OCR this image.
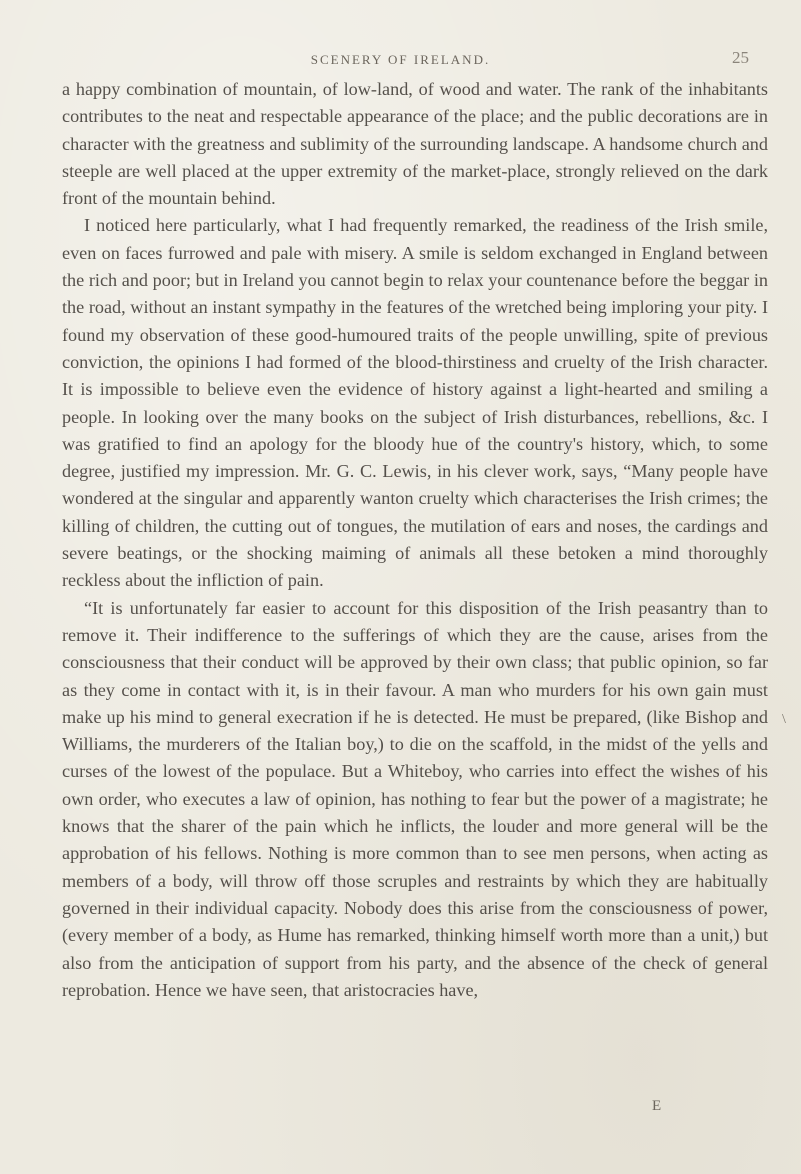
SCENERY OF IRELAND.	25

a happy combination of mountain, of low-land, of wood and water. The rank of the inhabitants contributes to the neat and respectable appearance of the place; and the public decorations are in character with the greatness and sublimity of the surrounding landscape. A handsome church and steeple are well placed at the upper extremity of the market-place, strongly relieved on the dark front of the mountain behind.

I noticed here particularly, what I had frequently remarked, the readiness of the Irish smile, even on faces furrowed and pale with misery. A smile is seldom exchanged in England between the rich and poor; but in Ireland you cannot begin to relax your countenance before the beggar in the road, without an instant sympathy in the features of the wretched being imploring your pity. I found my observation of these good-humoured traits of the people unwilling, spite of previous conviction, the opinions I had formed of the blood-thirstiness and cruelty of the Irish character. It is impossible to believe even the evidence of history against a light-hearted and smiling a people. In looking over the many books on the subject of Irish disturbances, rebellions, &c. I was gratified to find an apology for the bloody hue of the country's history, which, to some degree, justified my impression. Mr. G. C. Lewis, in his clever work, says, “Many people have wondered at the singular and apparently wanton cruelty which characterises the Irish crimes; the killing of children, the cutting out of tongues, the mutilation of ears and noses, the cardings and severe beatings, or the shocking maiming of animals all these betoken a mind thoroughly reckless about the infliction of pain.

“It is unfortunately far easier to account for this disposition of the Irish peasantry than to remove it. Their indifference to the sufferings of which they are the cause, arises from the consciousness that their conduct will be approved by their own class; that public opinion, so far as they come in contact with it, is in their favour. A man who murders for his own gain must make up his mind to general execration if he is detected. He must be prepared, (like Bishop and Williams, the murderers of the Italian boy,) to die on the scaffold, in the midst of the yells and curses of the lowest of the populace. But a Whiteboy, who carries into effect the wishes of his own order, who executes a law of opinion, has nothing to fear but the power of a magistrate; he knows that the sharer of the pain which he inflicts, the louder and more general will be the approbation of his fellows. Nothing is more common than to see men persons, when acting as members of a body, will throw off those scruples and restraints by which they are habitually governed in their individual capacity. Nobody does this arise from the consciousness of power, (every member of a body, as Hume has remarked, thinking himself worth more than a unit,) but also from the anticipation of support from his party, and the absence of the check of general reprobation. Hence we have seen, that aristocracies have,

\
E
